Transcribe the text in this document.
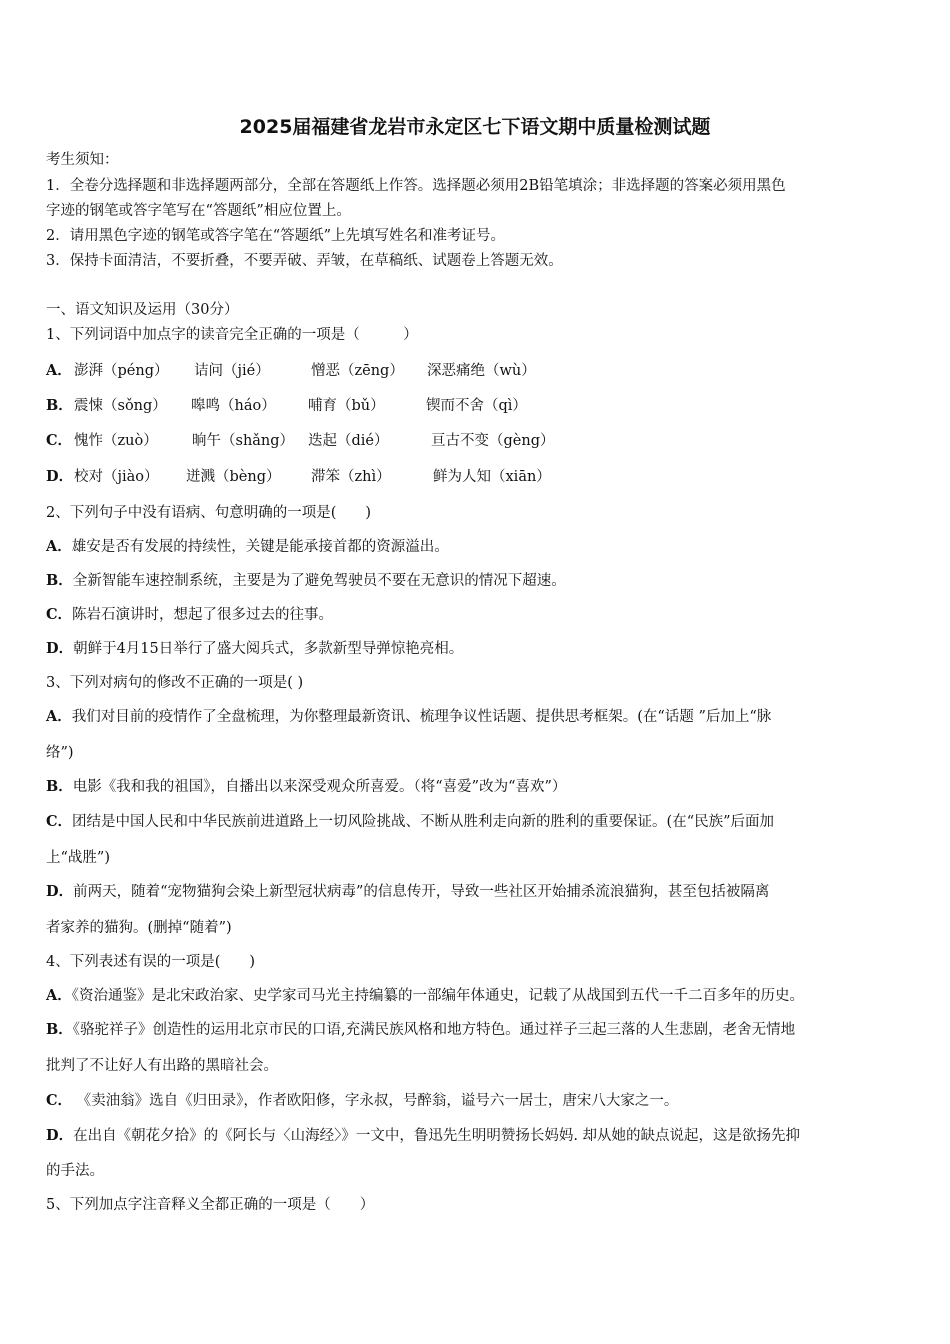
2025届福建省龙岩市永定区七下语文期中质量检测试题
考生须知：
1．全卷分选择题和非选择题两部分，全部在答题纸上作答。选择题必须用2B铅笔填涂；非选择题的答案必须用黑色
字迹的钢笔或答字笔写在“答题纸”相应位置上。
2．请用黑色字迹的钢笔或答字笔在“答题纸”上先填写姓名和准考证号。
3．保持卡面清洁，不要折叠，不要弄破、弄皱，在草稿纸、试题卷上答题无效。
一、语文知识及运用（30分）
1、下列词语中加点字的读音完全正确的一项是（　　　）
A． 澎湃（péng） 诘问（jié）	憎恶（zēng） 深恶痛绝（wù）
B． 震悚（sǒng） 嗥鸣（háo） 哺育（bǔ）	锲而不舍（qì）
C． 愧怍（zuò） 晌午（shǎng） 迭起（dié）	亘古不变（gèng）
D． 校对（jiào） 迸溅（bèng） 滞笨（zhì）	鲜为人知（xiān）
2、下列句子中没有语病、句意明确的一项是(　　)
A．雄安是否有发展的持续性，关键是能承接首都的资源溢出。
B．全新智能车速控制系统，主要是为了避免驾驶员不要在无意识的情况下超速。
C．陈岩石演讲时，想起了很多过去的往事。
D．朝鲜于4月15日举行了盛大阅兵式，多款新型导弹惊艳亮相。
3、下列对病句的修改不正确的一项是( )
A．我们对目前的疫情作了全盘梳理，为你整理最新资讯、梳理争议性话题、提供思考框架。(在“话题 ”后加上“脉
络”)
B．电影《我和我的祖国》，自播出以来深受观众所喜爱。（将“喜爱”改为“喜欢”）
C．团结是中国人民和中华民族前进道路上一切风险挑战、不断从胜利走向新的胜利的重要保证。(在“民族”后面加
上“战胜”)
D．前两天，随着“宠物猫狗会染上新型冠状病毒”的信息传开，导致一些社区开始捕杀流浪猫狗，甚至包括被隔离
者家养的猫狗。(删掉“随着”)
4、下列表述有误的一项是(　　)
A．《资治通鉴》是北宋政治家、史学家司马光主持编纂的一部编年体通史，记载了从战国到五代一千二百多年的历史。
B．《骆驼祥子》创造性的运用北京市民的口语,充满民族风格和地方特色。通过祥子三起三落的人生悲剧，老舍无情地
批判了不让好人有出路的黑暗社会。
C． 《卖油翁》选自《归田录》，作者欧阳修，字永叔，号醉翁，谥号六一居士，唐宋八大家之一。
D．在出自《朝花夕拾》的《阿长与〈山海经〉》一文中，鲁迅先生明明赞扬长妈妈. 却从她的缺点说起，这是欲扬先抑
的手法。
5、下列加点字注音释义全都正确的一项是（　　）
